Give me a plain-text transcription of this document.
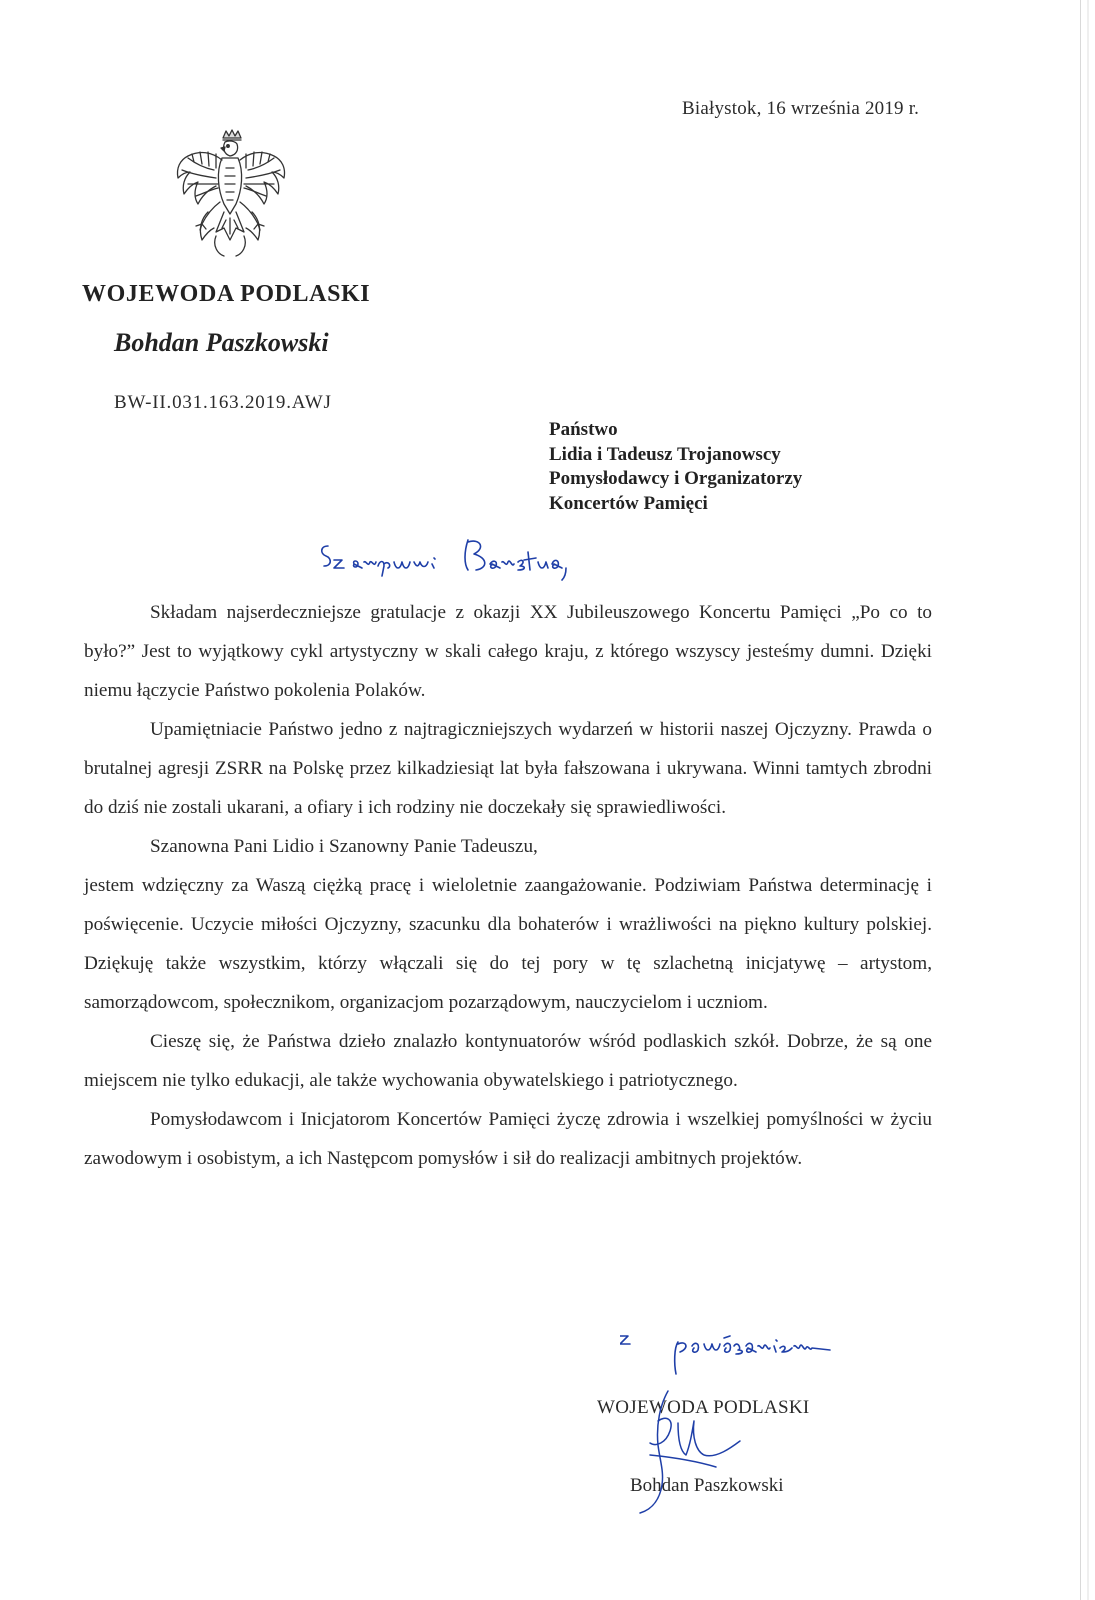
Białystok, 16 września 2019 r.
WOJEWODA PODLASKI
Bohdan Paszkowski
BW-II.031.163.2019.AWJ
Państwo
Lidia i Tadeusz Trojanowscy
Pomysłodawcy i Organizatorzy
Koncertów Pamięci

Składam najserdeczniejsze gratulacje z okazji XX Jubileuszowego Koncertu Pamięci „Po co to było?” Jest to wyjątkowy cykl artystyczny w skali całego kraju, z którego wszyscy jesteśmy dumni. Dzięki niemu łączycie Państwo pokolenia Polaków.

Upamiętniacie Państwo jedno z najtragiczniejszych wydarzeń w historii naszej Ojczyzny. Prawda o brutalnej agresji ZSRR na Polskę przez kilkadziesiąt lat była fałszowana i ukrywana. Winni tamtych zbrodni do dziś nie zostali ukarani, a ofiary i ich rodziny nie doczekały się sprawiedliwości.

Szanowna Pani Lidio i Szanowny Panie Tadeuszu,

jestem wdzięczny za Waszą ciężką pracę i wieloletnie zaangażowanie. Podziwiam Państwa determinację i poświęcenie. Uczycie miłości Ojczyzny, szacunku dla bohaterów i wrażliwości na piękno kultury polskiej. Dziękuję także wszystkim, którzy włączali się do tej pory w tę szlachetną inicjatywę – artystom, samorządowcom, społecznikom, organizacjom pozarządowym, nauczycielom i uczniom.

Cieszę się, że Państwa dzieło znalazło kontynuatorów wśród podlaskich szkół. Dobrze, że są one miejscem nie tylko edukacji, ale także wychowania obywatelskiego i patriotycznego.

Pomysłodawcom i Inicjatorom Koncertów Pamięci życzę zdrowia i wszelkiej pomyślności w życiu zawodowym i osobistym, a ich Następcom pomysłów i sił do realizacji ambitnych projektów.

WOJEWODA PODLASKI
Bohdan Paszkowski
